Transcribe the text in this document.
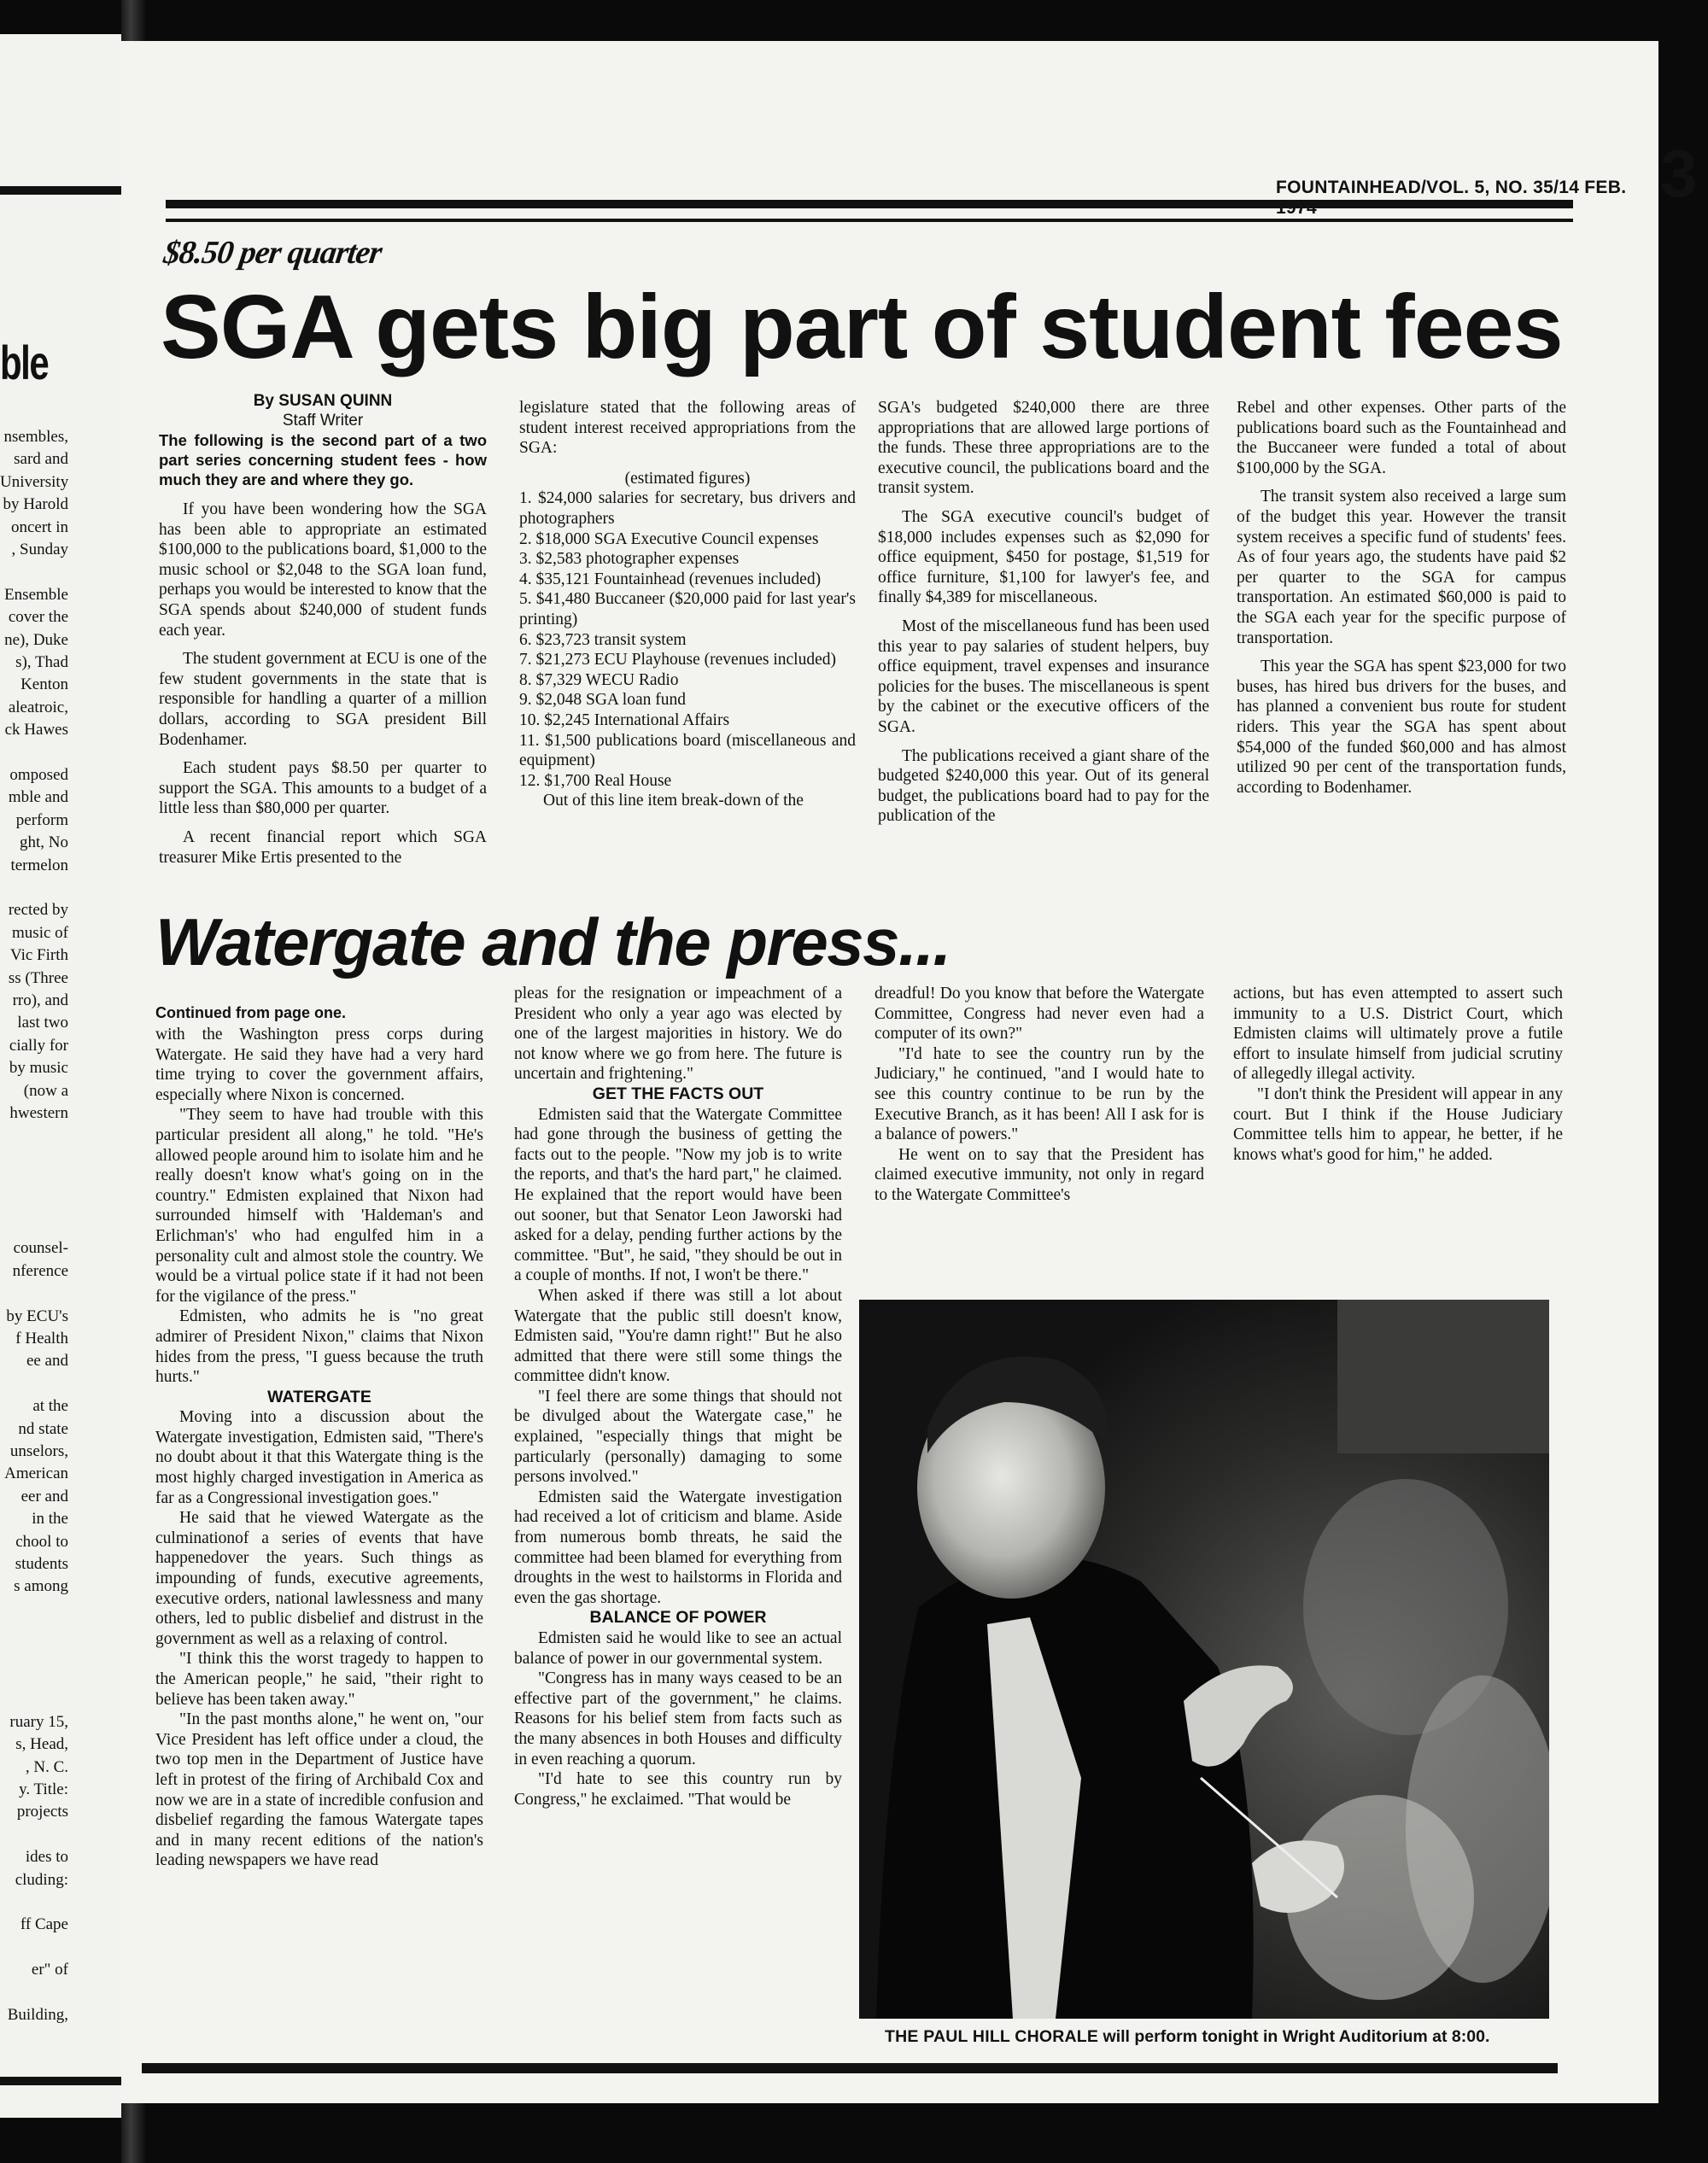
ble
nsembles,
sard and
University
by Harold
oncert in
, Sunday
Ensemble
cover the
ne), Duke
s), Thad
Kenton
aleatroic,
ck Hawes
omposed
mble and
perform
ght, No
termelon
rected by
music of
Vic Firth
ss (Three
rro), and
last two
cially for
by music
(now a
hwestern
counsel-
nference
by ECU's
f Health
ee and
at the
nd state
unselors,
American
eer and
in the
chool to
students
s among
ruary 15,
s, Head,
, N. C.
y. Title:
projects
ides to
cluding:
ff Cape
er" of
Building,
FOUNTAINHEAD/VOL. 5, NO. 35/14 FEB. 3
$8.50 per quarter
SGA gets big part of student fees
By SUSAN QUINN
Staff Writer

The following is the second part of a two part series concerning student fees - how much they are and where they go.

If you have been wondering how the SGA has been able to appropriate an estimated $100,000 to the publications board, $1,000 to the music school or $2,048 to the SGA loan fund, perhaps you would be interested to know that the SGA spends about $240,000 of student funds each year.

The student government at ECU is one of the few student governments in the state that is responsible for handling a quarter of a million dollars, according to SGA president Bill Bodenhamer.

Each student pays $8.50 per quarter to support the SGA. This amounts to a budget of a little less than $80,000 per quarter.

A recent financial report which SGA treasurer Mike Ertis presented to the

legislature stated that the following areas of student interest received appropriations from the SGA:

(estimated figures)

1. $24,000 salaries for secretary, bus drivers and photographers

2. $18,000 SGA Executive Council expenses

3. $2,583 photographer expenses

4. $35,121 Fountainhead (revenues included)

5. $41,480 Buccaneer ($20,000 paid for last year's printing)

6. $23,723 transit system

7. $21,273 ECU Playhouse (revenues included)

8. $7,329 WECU Radio

9. $2,048 SGA loan fund

10. $2,245 International Affairs

11. $1,500 publications board (miscellaneous and equipment)

12. $1,700 Real House

Out of this line item break-down of the

SGA's budgeted $240,000 there are three appropriations that are allowed large portions of the funds. These three appropriations are to the executive council, the publications board and the transit system.

The SGA executive council's budget of $18,000 includes expenses such as $2,090 for office equipment, $450 for postage, $1,519 for office furniture, $1,100 for lawyer's fee, and finally $4,389 for miscellaneous.

Most of the miscellaneous fund has been used this year to pay salaries of student helpers, buy office equipment, travel expenses and insurance policies for the buses. The miscellaneous is spent by the cabinet or the executive officers of the SGA.

The publications received a giant share of the budgeted $240,000 this year. Out of its general budget, the publications board had to pay for the publication of the

Rebel and other expenses. Other parts of the publications board such as the Fountainhead and the Buccaneer were funded a total of about $100,000 by the SGA.

The transit system also received a large sum of the budget this year. However the transit system receives a specific fund of students' fees. As of four years ago, the students have paid $2 per quarter to the SGA for campus transportation. An estimated $60,000 is paid to the SGA each year for the specific purpose of transportation.

This year the SGA has spent $23,000 for two buses, has hired bus drivers for the buses, and has planned a convenient bus route for student riders. This year the SGA has spent about $54,000 of the funded $60,000 and has almost utilized 90 per cent of the transportation funds, according to Bodenhamer.

Watergate and the press...
Continued from page one.

with the Washington press corps during Watergate. He said they have had a very hard time trying to cover the government affairs, especially where Nixon is concerned.

"They seem to have had trouble with this particular president all along," he told. "He's allowed people around him to isolate him and he really doesn't know what's going on in the country." Edmisten explained that Nixon had surrounded himself with 'Haldeman's and Erlichman's' who had engulfed him in a personality cult and almost stole the country. We would be a virtual police state if it had not been for the vigilance of the press."

Edmisten, who admits he is "no great admirer of President Nixon," claims that Nixon hides from the press, "I guess because the truth hurts."

WATERGATE

Moving into a discussion about the Watergate investigation, Edmisten said, "There's no doubt about it that this Watergate thing is the most highly charged investigation in America as far as a Congressional investigation goes."

He said that he viewed Watergate as the culminationof a series of events that have happenedover the years. Such things as impounding of funds, executive agreements, executive orders, national lawlessness and many others, led to public disbelief and distrust in the government as well as a relaxing of control.

"I think this the worst tragedy to happen to the American people," he said, "their right to believe has been taken away."

"In the past months alone," he went on, "our Vice President has left office under a cloud, the two top men in the Department of Justice have left in protest of the firing of Archibald Cox and now we are in a state of incredible confusion and disbelief regarding the famous Watergate tapes and in many recent editions of the nation's leading newspapers we have read

pleas for the resignation or impeachment of a President who only a year ago was elected by one of the largest majorities in history. We do not know where we go from here. The future is uncertain and frightening."

GET THE FACTS OUT

Edmisten said that the Watergate Committee had gone through the business of getting the facts out to the people. "Now my job is to write the reports, and that's the hard part," he claimed. He explained that the report would have been out sooner, but that Senator Leon Jaworski had asked for a delay, pending further actions by the committee. "But", he said, "they should be out in a couple of months. If not, I won't be there."

When asked if there was still a lot about Watergate that the public still doesn't know, Edmisten said, "You're damn right!" But he also admitted that there were still some things the committee didn't know.

"I feel there are some things that should not be divulged about the Watergate case," he explained, "especially things that might be particularly (personally) damaging to some persons involved."

Edmisten said the Watergate investigation had received a lot of criticism and blame. Aside from numerous bomb threats, he said the committee had been blamed for everything from droughts in the west to hailstorms in Florida and even the gas shortage.

BALANCE OF POWER

Edmisten said he would like to see an actual balance of power in our governmental system.

"Congress has in many ways ceased to be an effective part of the government," he claims. Reasons for his belief stem from facts such as the many absences in both Houses and difficulty in even reaching a quorum.

"I'd hate to see this country run by Congress," he exclaimed. "That would be

dreadful! Do you know that before the Watergate Committee, Congress had never even had a computer of its own?"

"I'd hate to see the country run by the Judiciary," he continued, "and I would hate to see this country continue to be run by the Executive Branch, as it has been! All I ask for is a balance of powers."

He went on to say that the President has claimed executive immunity, not only in regard to the Watergate Committee's

actions, but has even attempted to assert such immunity to a U.S. District Court, which Edmisten claims will ultimately prove a futile effort to insulate himself from judicial scrutiny of allegedly illegal activity.

"I don't think the President will appear in any court. But I think if the House Judiciary Committee tells him to appear, he better, if he knows what's good for him," he added.

THE PAUL HILL CHORALE will perform tonight in Wright Auditorium at 8:00.
